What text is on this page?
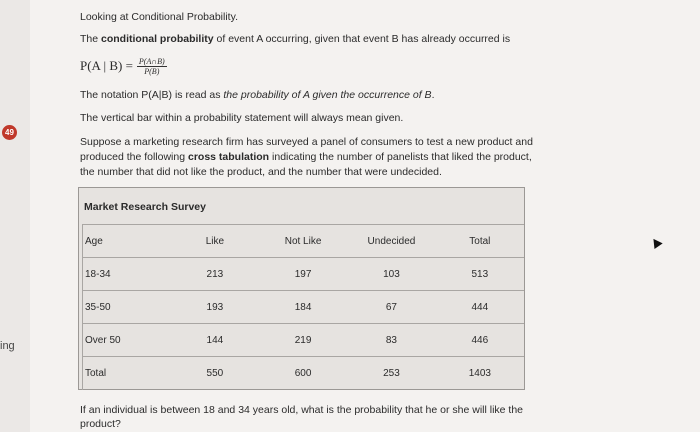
49
ing
Looking at Conditional Probability.
The conditional probability of event A occurring, given that event B has already occurred is
P(A | $B) = \frac{P(A\cap B)}{P(B)}$
The notation P(A|B) is read as the probability of A given the occurrence of B.
The vertical bar within a probability statement will always mean given.
Suppose a marketing research firm has surveyed a panel of consumers to test a new product and
produced the following cross tabulation indicating the number of panelists that liked the product,
the number that did not like the product, and the number that were undecided.
Market Research Survey
Age	Like	Not Like	Undecided	Total
18-34	213	197	103	513
35-50	193	184	67	444
Over 50	144	219	83	446
Total	550	600	253	1403
If an individual is between 18 and 34 years old, what is the probability that he or she will like the
product?
